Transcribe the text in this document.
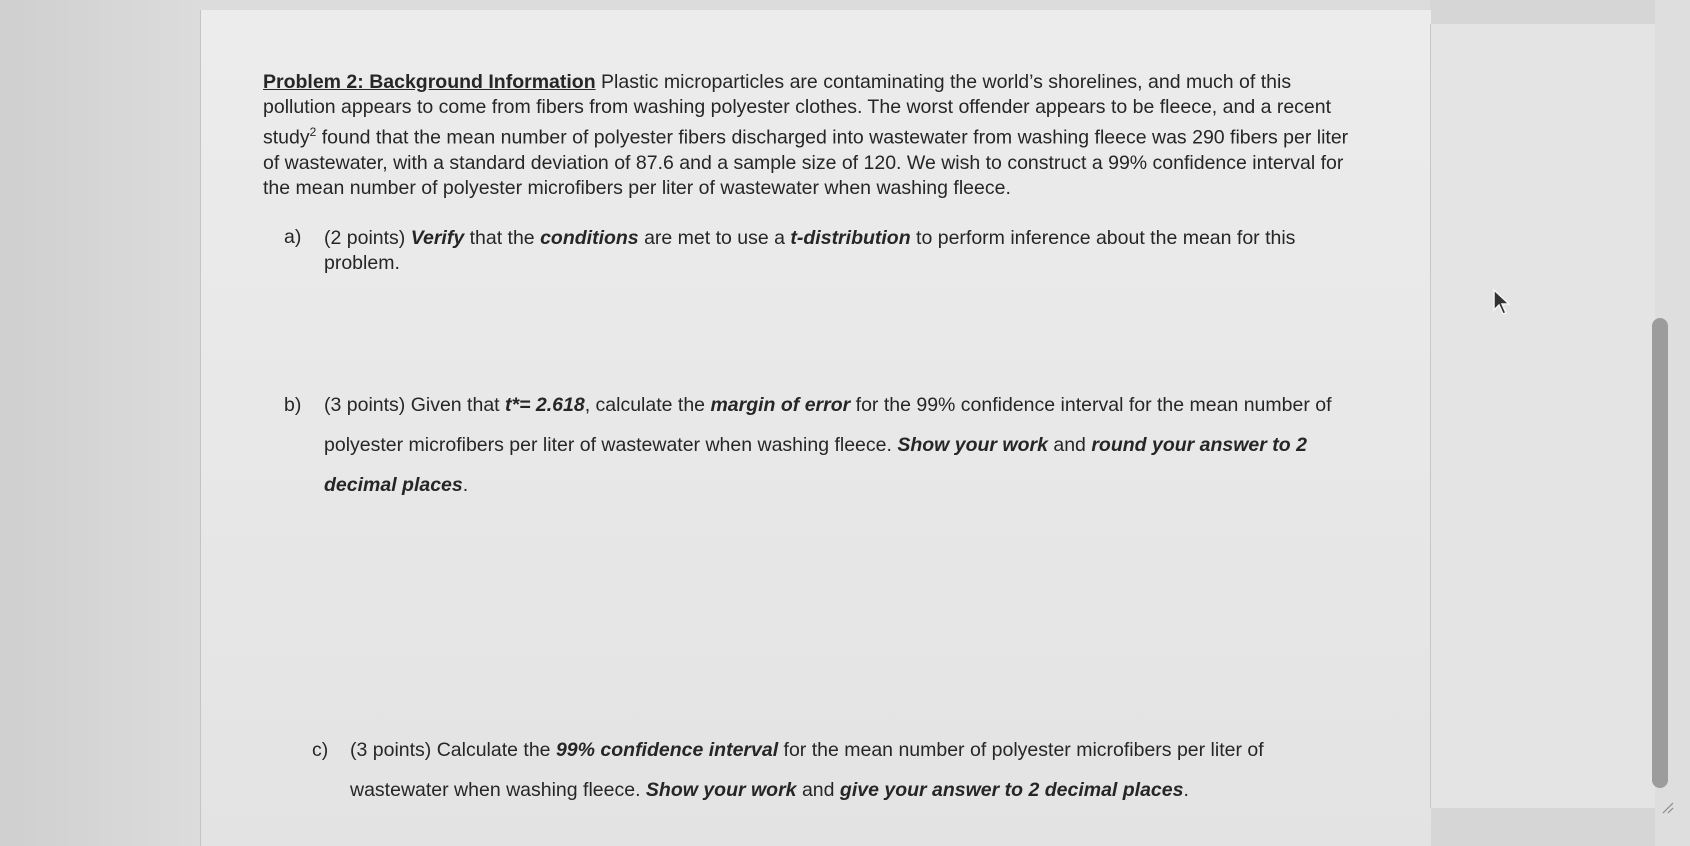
Problem 2: Background Information Plastic microparticles are contaminating the world’s shorelines, and much of this pollution appears to come from fibers from washing polyester clothes. The worst offender appears to be fleece, and a recent study$^2$ found that the mean number of polyester fibers discharged into wastewater from washing fleece was 290 fibers per liter of wastewater, with a standard deviation of 87.6 and a sample size of 120. We wish to construct a 99% confidence interval for the mean number of polyester microfibers per liter of wastewater when washing fleece.

a) (2 points) Verify that the conditions are met to use a t-distribution to perform inference about the mean for this problem.

b) (3 points) Given that t*= 2.618, calculate the margin of error for the 99% confidence interval for the mean number of polyester microfibers per liter of wastewater when washing fleece. Show your work and round your answer to 2 decimal places.

c) (3 points) Calculate the 99% confidence interval for the mean number of polyester microfibers per liter of wastewater when washing fleece. Show your work and give your answer to 2 decimal places.
